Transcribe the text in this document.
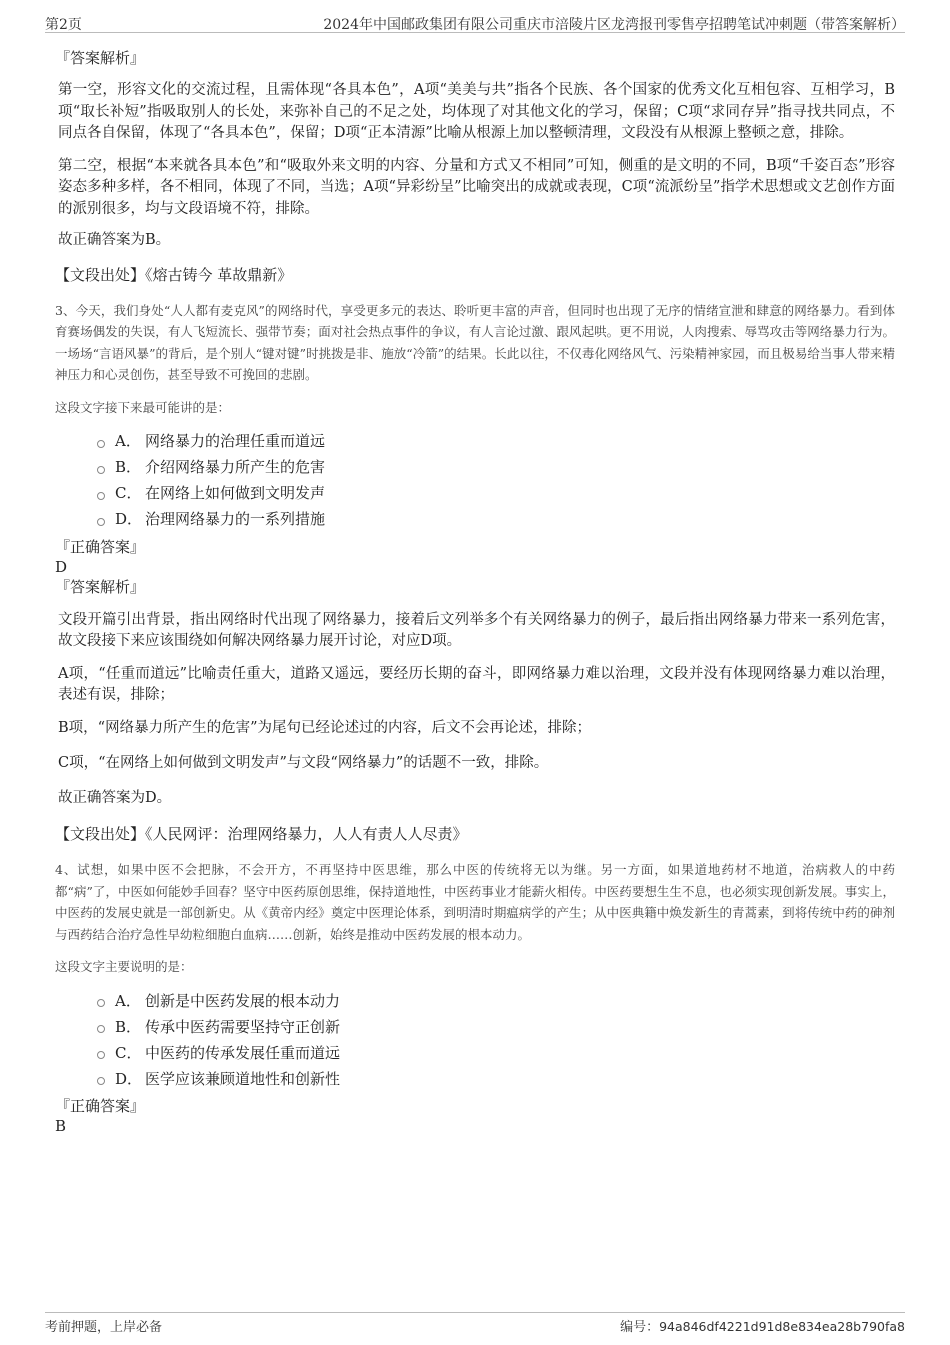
第2页	2024年中国邮政集团有限公司重庆市涪陵片区龙湾报刊零售亭招聘笔试冲刺题（带答案解析）

『答案解析』

第一空，形容文化的交流过程，且需体现“各具本色”，A项“美美与共”指各个民族、各个国家的优秀文化互相包容、互相学习，B项“取长补短”指吸取别人的长处，来弥补自己的不足之处，均体现了对其他文化的学习，保留；C项“求同存异”指寻找共同点，不同点各自保留，体现了“各具本色”，保留；D项“正本清源”比喻从根源上加以整顿清理，文段没有从根源上整顿之意，排除。

第二空，根据“本来就各具本色”和“吸取外来文明的内容、分量和方式又不相同”可知，侧重的是文明的不同，B项“千姿百态”形容姿态多种多样，各不相同，体现了不同，当选；A项“异彩纷呈”比喻突出的成就或表现，C项“流派纷呈”指学术思想或文艺创作方面的派别很多，均与文段语境不符，排除。

故正确答案为B。

【文段出处】《熔古铸今 革故鼎新》

3、今天，我们身处“人人都有麦克风”的网络时代，享受更多元的表达、聆听更丰富的声音，但同时也出现了无序的情绪宣泄和肆意的网络暴力。看到体育赛场偶发的失误，有人飞短流长、强带节奏；面对社会热点事件的争议，有人言论过激、跟风起哄。更不用说，人肉搜索、辱骂攻击等网络暴力行为。一场场“言语风暴”的背后，是个别人“键对键”时挑拨是非、施放“冷箭”的结果。长此以往，不仅毒化网络风气、污染精神家园，而且极易给当事人带来精神压力和心灵创伤，甚至导致不可挽回的悲剧。

这段文字接下来最可能讲的是：

A． 网络暴力的治理任重而道远
B． 介绍网络暴力所产生的危害
C． 在网络上如何做到文明发声
D． 治理网络暴力的一系列措施

『正确答案』

D

『答案解析』

文段开篇引出背景，指出网络时代出现了网络暴力，接着后文列举多个有关网络暴力的例子，最后指出网络暴力带来一系列危害，故文段接下来应该围绕如何解决网络暴力展开讨论，对应D项。

A项，“任重而道远”比喻责任重大，道路又遥远，要经历长期的奋斗，即网络暴力难以治理，文段并没有体现网络暴力难以治理，表述有误，排除；

B项，“网络暴力所产生的危害”为尾句已经论述过的内容，后文不会再论述，排除；

C项，“在网络上如何做到文明发声”与文段“网络暴力”的话题不一致，排除。

故正确答案为D。

【文段出处】《人民网评：治理网络暴力，人人有责人人尽责》

4、试想，如果中医不会把脉，不会开方，不再坚持中医思维，那么中医的传统将无以为继。另一方面，如果道地药材不地道，治病救人的中药都“病”了，中医如何能妙手回春？坚守中医药原创思维，保持道地性，中医药事业才能薪火相传。中医药要想生生不息，也必须实现创新发展。事实上，中医药的发展史就是一部创新史。从《黄帝内经》奠定中医理论体系，到明清时期瘟病学的产生；从中医典籍中焕发新生的青蒿素，到将传统中药的砷剂与西药结合治疗急性早幼粒细胞白血病……创新，始终是推动中医药发展的根本动力。

这段文字主要说明的是：

A． 创新是中医药发展的根本动力
B． 传承中医药需要坚持守正创新
C． 中医药的传承发展任重而道远
D． 医学应该兼顾道地性和创新性

『正确答案』

B

考前押题，上岸必备	编号：94a846df4221d91d8e834ea28b790fa8
